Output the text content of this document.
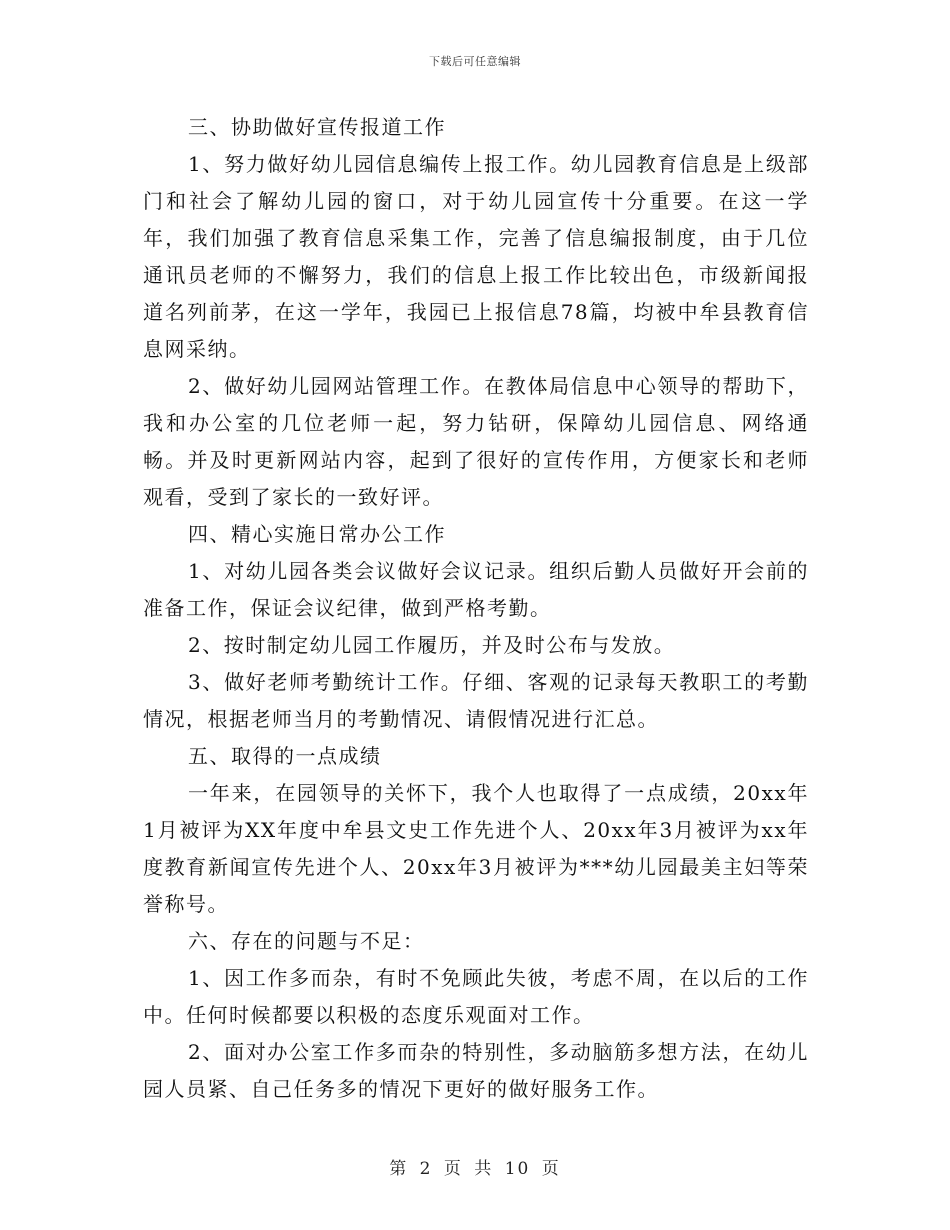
下载后可任意编辑

三、协助做好宣传报道工作

1、努力做好幼儿园信息编传上报工作。幼儿园教育信息是上级部门和社会了解幼儿园的窗口，对于幼儿园宣传十分重要。在这一学年，我们加强了教育信息采集工作，完善了信息编报制度，由于几位通讯员老师的不懈努力，我们的信息上报工作比较出色，市级新闻报道名列前茅，在这一学年，我园已上报信息78篇，均被中牟县教育信息网采纳。

2、做好幼儿园网站管理工作。在教体局信息中心领导的帮助下，我和办公室的几位老师一起，努力钻研，保障幼儿园信息、网络通畅。并及时更新网站内容，起到了很好的宣传作用，方便家长和老师观看，受到了家长的一致好评。

四、精心实施日常办公工作

1、对幼儿园各类会议做好会议记录。组织后勤人员做好开会前的准备工作，保证会议纪律，做到严格考勤。

2、按时制定幼儿园工作履历，并及时公布与发放。

3、做好老师考勤统计工作。仔细、客观的记录每天教职工的考勤情况，根据老师当月的考勤情况、请假情况进行汇总。

五、取得的一点成绩

一年来，在园领导的关怀下，我个人也取得了一点成绩，20xx年1月被评为XX年度中牟县文史工作先进个人、20xx年3月被评为xx年度教育新闻宣传先进个人、20xx年3月被评为***幼儿园最美主妇等荣誉称号。

六、存在的问题与不足：

1、因工作多而杂，有时不免顾此失彼，考虑不周，在以后的工作中。任何时候都要以积极的态度乐观面对工作。

2、面对办公室工作多而杂的特别性，多动脑筋多想方法，在幼儿园人员紧、自己任务多的情况下更好的做好服务工作。

第 2 页 共 10 页
